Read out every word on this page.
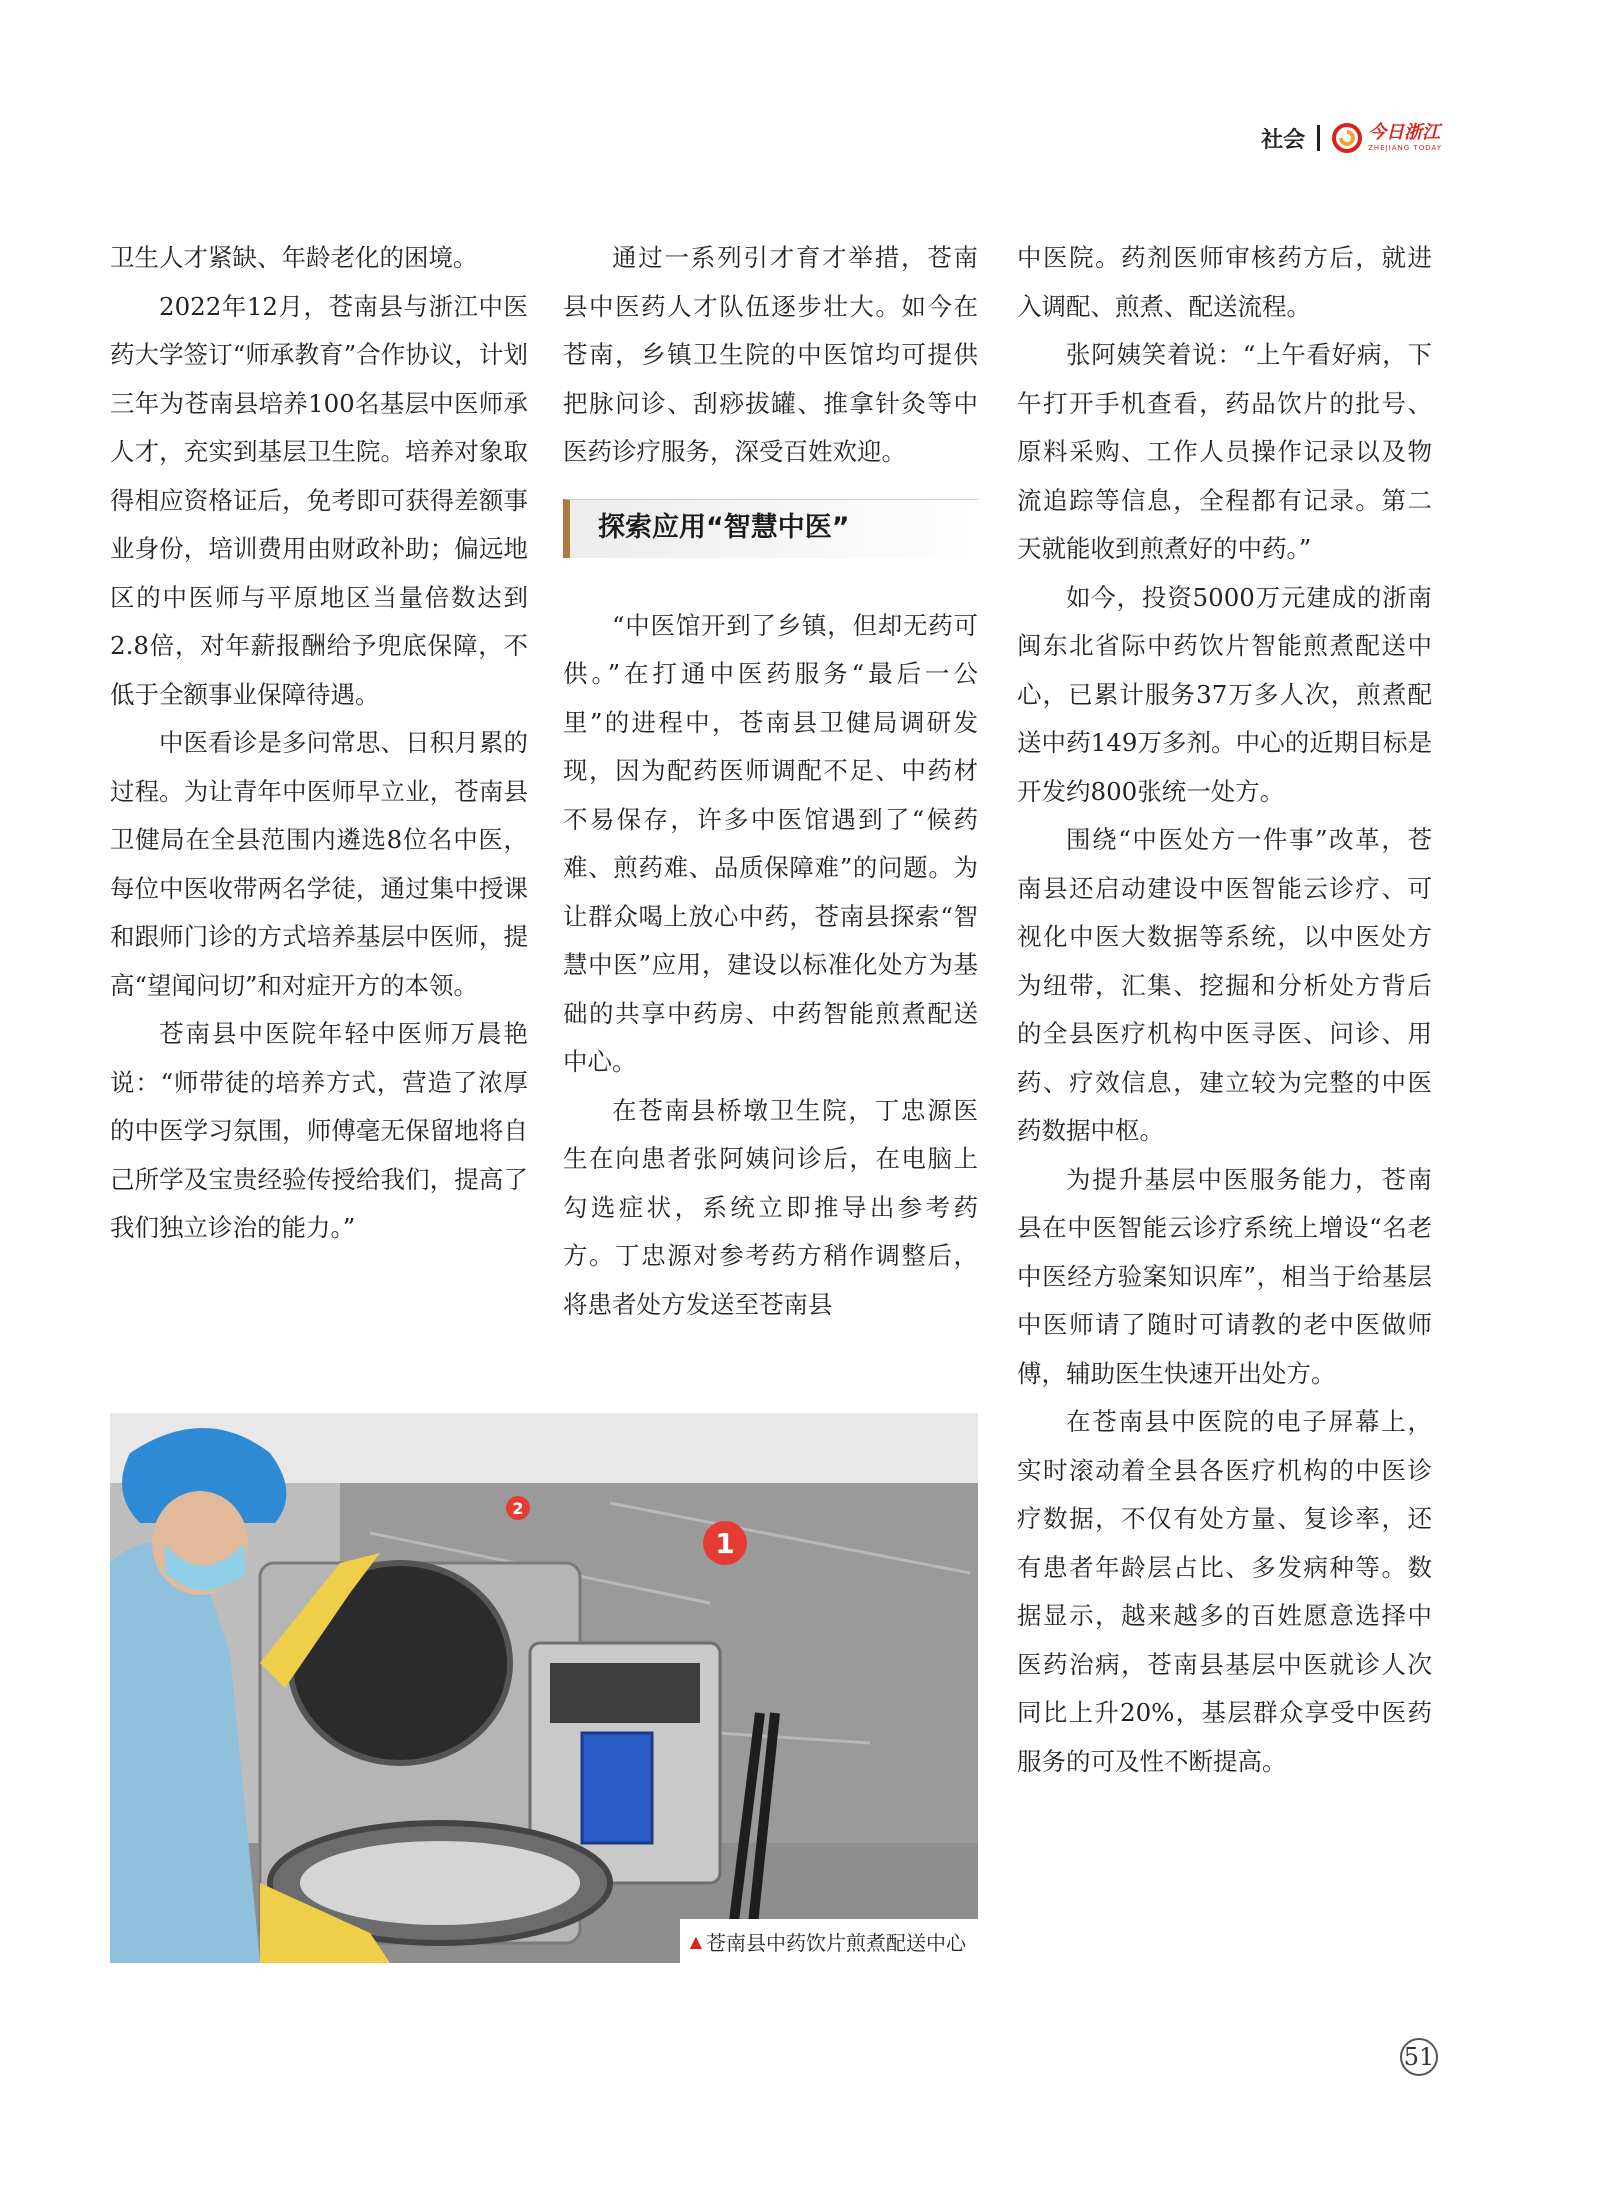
社会	今日浙江
ZHEJIANG TODAY

卫生人才紧缺、年龄老化的困境。

2022年12月，苍南县与浙江中医药大学签订“师承教育”合作协议，计划三年为苍南县培养100名基层中医师承人才，充实到基层卫生院。培养对象取得相应资格证后，免考即可获得差额事业身份，培训费用由财政补助；偏远地区的中医师与平原地区当量倍数达到2.8倍，对年薪报酬给予兜底保障，不低于全额事业保障待遇。

中医看诊是多问常思、日积月累的过程。为让青年中医师早立业，苍南县卫健局在全县范围内遴选8位名中医，每位中医收带两名学徒，通过集中授课和跟师门诊的方式培养基层中医师，提高“望闻问切”和对症开方的本领。

苍南县中医院年轻中医师万晨艳说：“师带徒的培养方式，营造了浓厚的中医学习氛围，师傅毫无保留地将自己所学及宝贵经验传授给我们，提高了我们独立诊治的能力。”

通过一系列引才育才举措，苍南县中医药人才队伍逐步壮大。如今在苍南，乡镇卫生院的中医馆均可提供把脉问诊、刮痧拔罐、推拿针灸等中医药诊疗服务，深受百姓欢迎。

探索应用“智慧中医”

“中医馆开到了乡镇，但却无药可供。”在打通中医药服务“最后一公里”的进程中，苍南县卫健局调研发现，因为配药医师调配不足、中药材不易保存，许多中医馆遇到了“候药难、煎药难、品质保障难”的问题。为让群众喝上放心中药，苍南县探索“智慧中医”应用，建设以标准化处方为基础的共享中药房、中药智能煎煮配送中心。

在苍南县桥墩卫生院，丁忠源医生在向患者张阿姨问诊后，在电脑上勾选症状，系统立即推导出参考药方。丁忠源对参考药方稍作调整后，将患者处方发送至苍南县

中医院。药剂医师审核药方后，就进入调配、煎煮、配送流程。

张阿姨笑着说：“上午看好病，下午打开手机查看，药品饮片的批号、原料采购、工作人员操作记录以及物流追踪等信息，全程都有记录。第二天就能收到煎煮好的中药。”

如今，投资5000万元建成的浙南闽东北省际中药饮片智能煎煮配送中心，已累计服务37万多人次，煎煮配送中药149万多剂。中心的近期目标是开发约800张统一处方。

围绕“中医处方一件事”改革，苍南县还启动建设中医智能云诊疗、可视化中医大数据等系统，以中医处方为纽带，汇集、挖掘和分析处方背后的全县医疗机构中医寻医、问诊、用药、疗效信息，建立较为完整的中医药数据中枢。

为提升基层中医服务能力，苍南县在中医智能云诊疗系统上增设“名老中医经方验案知识库”，相当于给基层中医师请了随时可请教的老中医做师傅，辅助医生快速开出处方。

在苍南县中医院的电子屏幕上，实时滚动着全县各医疗机构的中医诊疗数据，不仅有处方量、复诊率，还有患者年龄层占比、多发病种等。数据显示，越来越多的百姓愿意选择中医药治病，苍南县基层中医就诊人次同比上升20%，基层群众享受中医药服务的可及性不断提高。

1
2
▲ 苍南县中药饮片煎煮配送中心
51
